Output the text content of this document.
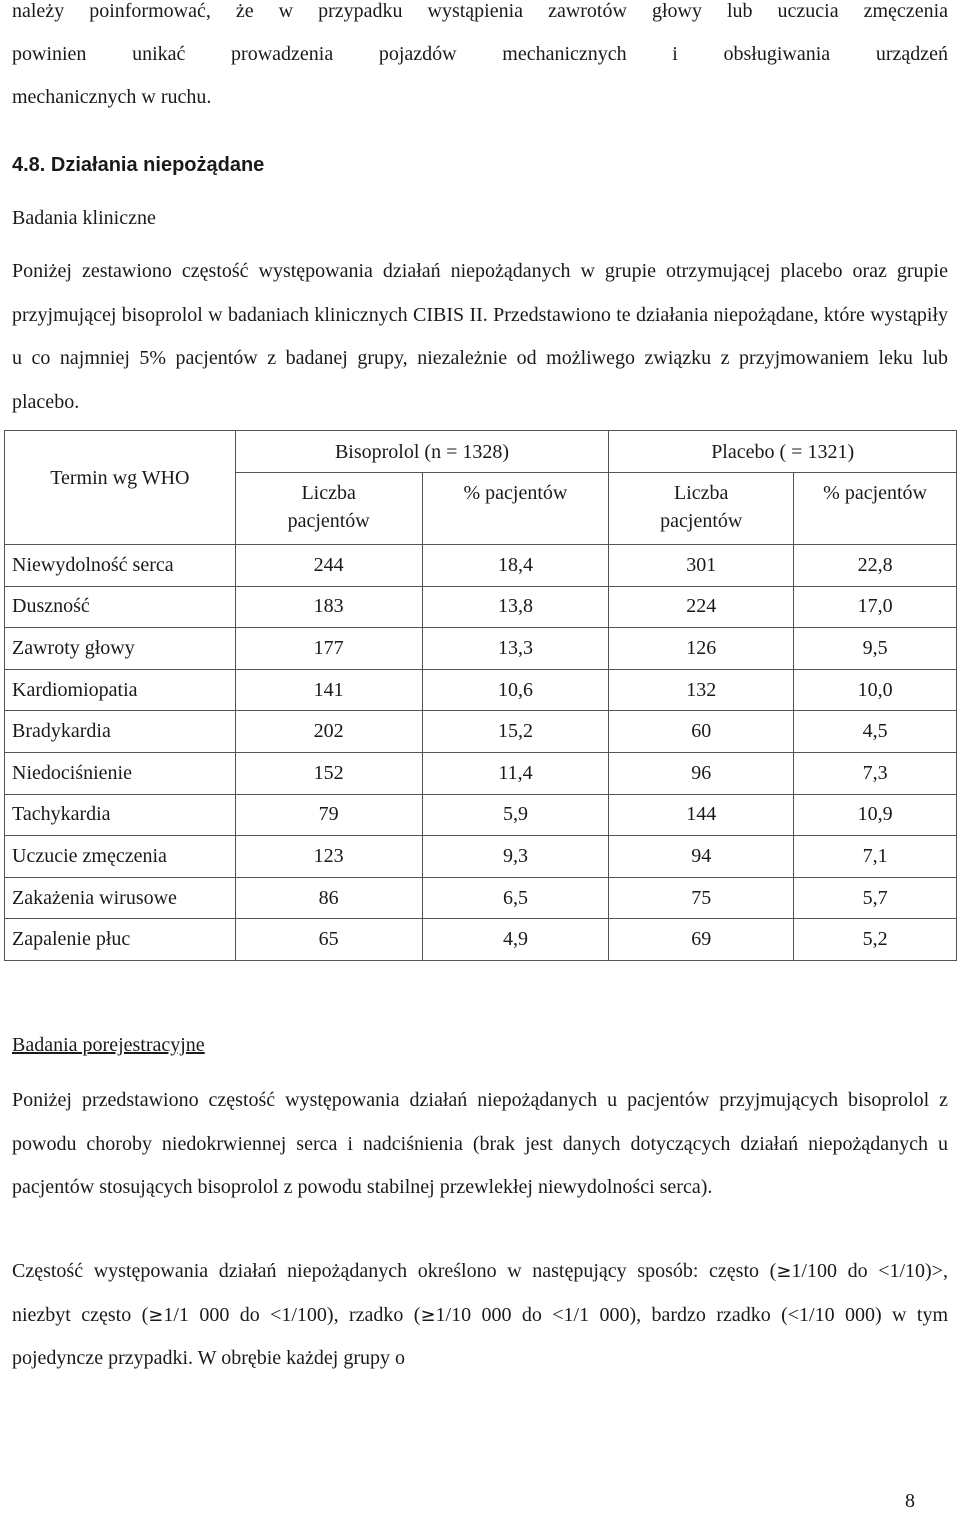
należy poinformować, że w przypadku wystąpienia zawrotów głowy lub uczucia zmęczenia

powinien unikać prowadzenia pojazdów mechanicznych i obsługiwania urządzeń

mechanicznych w ruchu.

4.8. Działania niepożądane
Badania kliniczne

Poniżej zestawiono częstość występowania działań niepożądanych w grupie otrzymującej placebo oraz grupie przyjmującej bisoprolol w badaniach klinicznych CIBIS II. Przedstawiono te działania niepożądane, które wystąpiły u co najmniej 5% pacjentów z badanej grupy, niezależnie od możliwego związku z przyjmowaniem leku lub placebo.

Termin wg WHO	Bisoprolol (n = 1328)		Placebo ( = 1321)	
	Liczba pacjentów	% pacjentów	Liczba pacjentów	% pacjentów
Niewydolność serca	244	18,4	301	22,8
Duszność	183	13,8	224	17,0
Zawroty głowy	177	13,3	126	9,5
Kardiomiopatia	141	10,6	132	10,0
Bradykardia	202	15,2	60	4,5
Niedociśnienie	152	11,4	96	7,3
Tachykardia	79	5,9	144	10,9
Uczucie zmęczenia	123	9,3	94	7,1
Zakażenia wirusowe	86	6,5	75	5,7
Zapalenie płuc	65	4,9	69	5,2
Badania porejestracyjne

Poniżej przedstawiono częstość występowania działań niepożądanych u pacjentów przyjmujących bisoprolol z powodu choroby niedokrwiennej serca i nadciśnienia (brak jest danych dotyczących działań niepożądanych u pacjentów stosujących bisoprolol z powodu stabilnej przewlekłej niewydolności serca).

Częstość występowania działań niepożądanych określono w następujący sposób: często (≥1/100 do <1/10)>, niezbyt często (≥1/1 000 do <1/100), rzadko (≥1/10 000 do <1/1 000), bardzo rzadko (<1/10 000) w tym pojedyncze przypadki. W obrębie każdej grupy o

8
